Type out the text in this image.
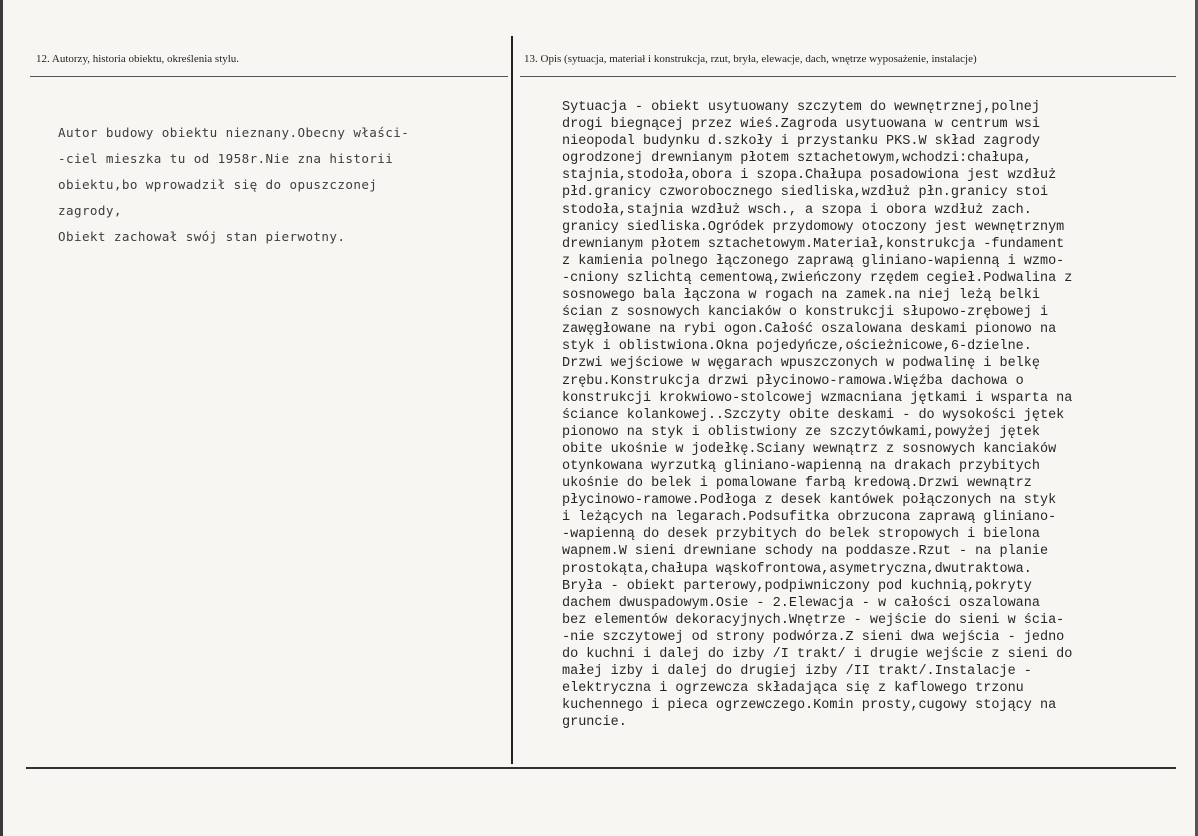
12. Autorzy, historia obiektu, określenia stylu.	13. Opis (sytuacja, materiał i konstrukcja, rzut, bryła, elewacje, dach, wnętrze wyposażenie, instalacje)
Autor budowy obiektu nieznany.Obecny właści-
-ciel mieszka tu od 1958r.Nie zna historii
obiektu,bo wprowadził się do opuszczonej
zagrody,
Obiekt zachował swój stan pierwotny.
Sytuacja - obiekt usytuowany szczytem do wewnętrznej,polnej
drogi biegnącej przez wieś.Zagroda usytuowana w centrum wsi
nieopodal budynku d.szkoły i przystanku PKS.W skład zagrody
ogrodzonej drewnianym płotem sztachetowym,wchodzi:chałupa,
stajnia,stodoła,obora i szopa.Chałupa posadowiona jest wzdłuż
płd.granicy czworobocznego siedliska,wzdłuż płn.granicy stoi
stodoła,stajnia wzdłuż wsch., a szopa i obora wzdłuż zach.
granicy siedliska.Ogródek przydomowy otoczony jest wewnętrznym
drewnianym płotem sztachetowym.Materiał,konstrukcja -fundament
z kamienia polnego łączonego zaprawą gliniano-wapienną i wzmo-
-cniony szlichtą cementową,zwieńczony rzędem cegieł.Podwalina z
sosnowego bala łączona w rogach na zamek.na niej leżą belki
ścian z sosnowych kanciaków o konstrukcji słupowo-zrębowej i
zawęgłowane na rybi ogon.Całość oszalowana deskami pionowo na
styk i oblistwiona.Okna pojedyńcze,ościeżnicowe,6-dzielne.
Drzwi wejściowe w węgarach wpuszczonych w podwalinę i belkę
zrębu.Konstrukcja drzwi płycinowo-ramowa.Więźba dachowa o
konstrukcji krokwiowo-stolcowej wzmacniana jętkami i wsparta na
ściance kolankowej..Szczyty obite deskami - do wysokości jętek
pionowo na styk i oblistwiony ze szczytówkami,powyżej jętek
obite ukośnie w jodełkę.Sciany wewnątrz z sosnowych kanciaków
otynkowana wyrzutką gliniano-wapienną na drakach przybitych
ukośnie do belek i pomalowane farbą kredową.Drzwi wewnątrz
płycinowo-ramowe.Podłoga z desek kantówek połączonych na styk
i leżących na legarach.Podsufitka obrzucona zaprawą gliniano-
-wapienną do desek przybitych do belek stropowych i bielona
wapnem.W sieni drewniane schody na poddasze.Rzut - na planie
prostokąta,chałupa wąskofrontowa,asymetryczna,dwutraktowa.
Bryła - obiekt parterowy,podpiwniczony pod kuchnią,pokryty
dachem dwuspadowym.Osie - 2.Elewacja - w całości oszalowana
bez elementów dekoracyjnych.Wnętrze - wejście do sieni w ścia-
-nie szczytowej od strony podwórza.Z sieni dwa wejścia - jedno
do kuchni i dalej do izby /I trakt/ i drugie wejście z sieni do
małej izby i dalej do drugiej izby /II trakt/.Instalacje -
elektryczna i ogrzewcza składająca się z kaflowego trzonu
kuchennego i pieca ogrzewczego.Komin prosty,cugowy stojący na
gruncie.
